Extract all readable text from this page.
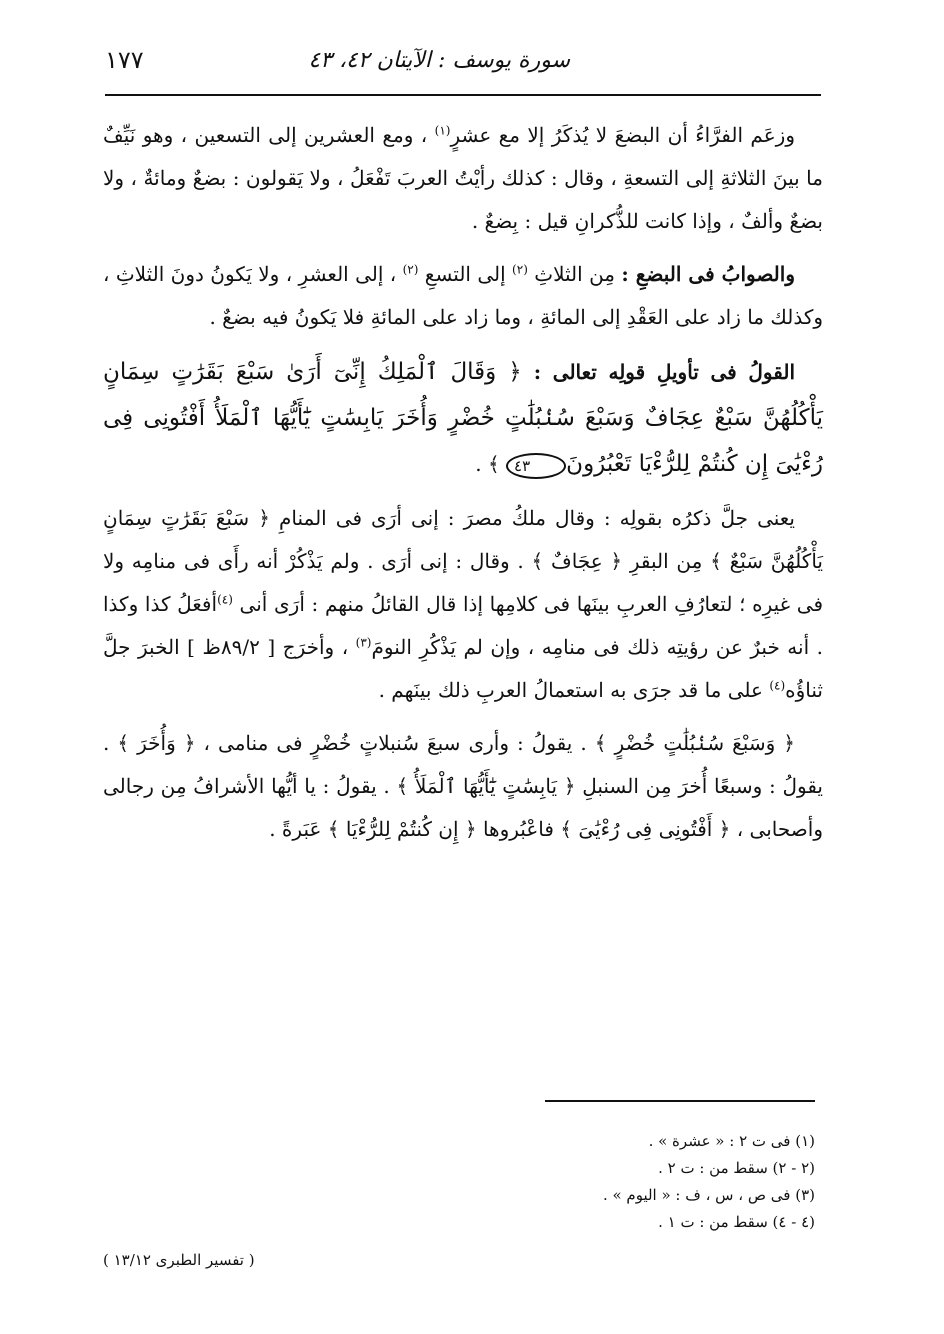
سورة يوسف : الآيتان ٤٢، ٤٣
١٧٧

وزعَم الفرَّاءُ أن البضعَ لا يُذكَرُ إلا مع عشرٍ$^{(١)}$ ، ومع العشرين إلى التسعين ، وهو نَيِّفٌ ما بينَ الثلاثةِ إلى التسعةِ ، وقال : كذلك رأيْتُ العربَ تَفْعَلُ ، ولا يَقولون : بضعٌ ومائةٌ ، ولا بضعٌ وألفٌ ، وإذا كانت للذُّكرانِ قيل : بِضعٌ .

والصوابُ فى البضعِ : مِن الثلاثِ $^{(٢)}$ إلى التسعِ $^{(٢)}$ ، إلى العشرِ ، ولا يَكونُ دونَ الثلاثِ ، وكذلك ما زاد على العَقْدِ إلى المائةِ ، وما زاد على المائةِ فلا يَكونُ فيه بضعٌ .

القولُ فى تأويلِ قولِه تعالى : ﴿ وَقَالَ ٱلْمَلِكُ إِنِّىٓ أَرَىٰ سَبْعَ بَقَرَٰتٍ سِمَانٍ يَأْكُلُهُنَّ سَبْعٌ عِجَافٌ وَسَبْعَ سُنۢبُلَٰتٍ خُضْرٍ وَأُخَرَ يَابِسَٰتٍ يَٰٓأَيُّهَا ٱلْمَلَأُ أَفْتُونِى فِى رُءْيَٰىَ إِن كُنتُمْ لِلرُّءْيَا تَعْبُرُونَ٤٣ ﴾ .

يعنى جلَّ ذكرُه بقولِه : وقال ملكُ مصرَ : إنى أرَى فى المنامِ ﴿ سَبْعَ بَقَرَٰتٍ سِمَانٍ يَأْكُلُهُنَّ سَبْعٌ ﴾ مِن البقرِ ﴿ عِجَافٌ ﴾ . وقال : إنى أرَى . ولم يَذْكُرْ أنه رأَى فى منامِه ولا فى غيرِه ؛ لتعارُفِ العربِ بينَها فى كلامِها إذا قال القائلُ منهم : أرَى أنى $^{(٤)}$أفعَلُ كذا وكذا . أنه خبرٌ عن رؤيتِه ذلك فى منامِه ، وإن لم يَذْكُرِ النومَ$^{(٣)}$ ، وأخرَج [ ٨٩/٢ظ ] الخبرَ جلَّ ثناؤُه$^{(٤)}$ على ما قد جرَى به استعمالُ العربِ ذلك بينَهم .

﴿ وَسَبْعَ سُنۢبُلَٰتٍ خُضْرٍ ﴾ . يقولُ : وأرى سبعَ سُنبلاتٍ خُضْرٍ فى منامى ، ﴿ وَأُخَرَ ﴾ . يقولُ : وسبعًا أُخرَ مِن السنبلِ ﴿ يَابِسَٰتٍ يَٰٓأَيُّهَا ٱلْمَلَأُ ﴾ . يقولُ : يا أيُّها الأشرافُ مِن رجالى وأصحابى ، ﴿ أَفْتُونِى فِى رُءْيَٰىَ ﴾ فاعْبُروها ﴿ إِن كُنتُمْ لِلرُّءْيَا ﴾ عَبَرةً .

(١) فى ت ٢ : « عشرة » .

(٢ - ٢) سقط من : ت ٢ .

(٣) فى ص ، س ، ف : « اليوم » .

(٤ - ٤) سقط من : ت ١ .

( تفسير الطبرى ١٣/١٢ )
